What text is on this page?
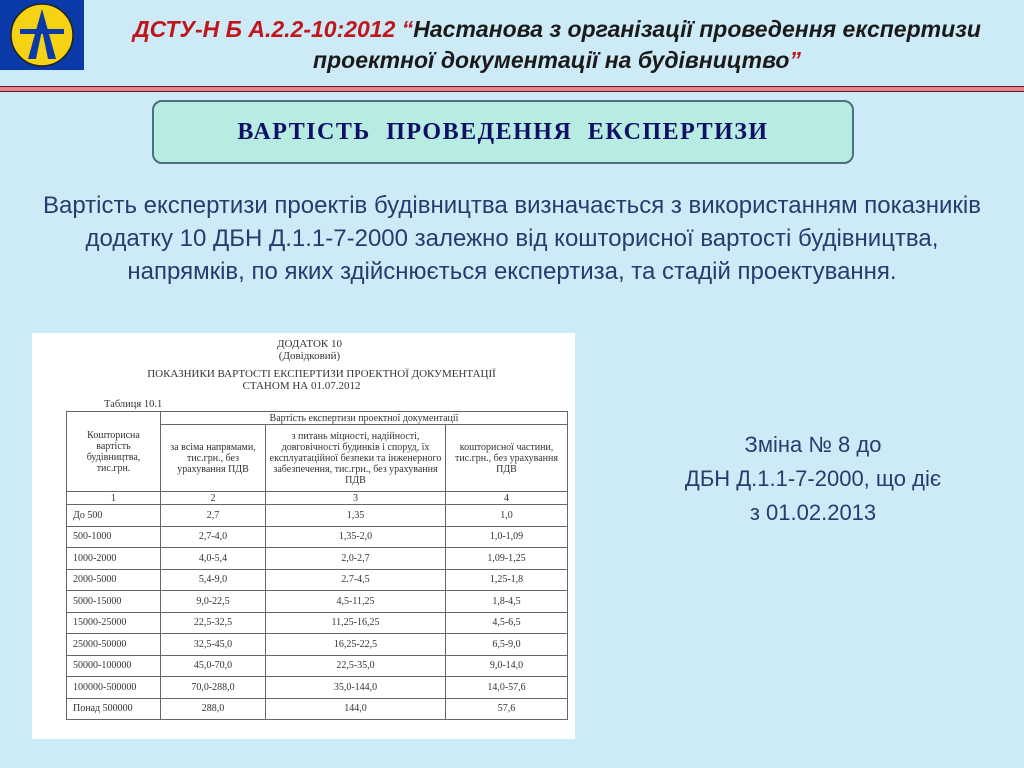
ДСТУ-Н Б А.2.2-10:2012 “Настанова з організації проведення експертизи проектної документації на будівництво”
ВАРТІСТЬ ПРОВЕДЕННЯ ЕКСПЕРТИЗИ
Вартість експертизи проектів будівництва визначається з використанням показників додатку 10 ДБН Д.1.1-7-2000 залежно від кошторисної вартості будівництва, напрямків, по яких здійснюється експертиза, та стадій проектування.
ДОДАТОК 10
(Довідковий)
ПОКАЗНИКИ ВАРТОСТІ ЕКСПЕРТИЗИ ПРОЕКТНОЇ ДОКУМЕНТАЦІЇ
СТАНОМ НА 01.07.2012
Таблиця 10.1
Кошторисна вартість будівництва, тис.грн.	Вартість експертизи проектної документації		
	за всіма напрямами, тис.грн., без урахування ПДВ	з питань міцності, надійності, довговічності будинків і споруд, їх експлуатаційної безпеки та інженерного забезпечення, тис.грн., без урахування ПДВ	кошторисної частини, тис.грн., без урахування ПДВ
1	2	3	4
До 500	2,7	1,35	1,0
500-1000	2,7-4,0	1,35-2,0	1,0-1,09
1000-2000	4,0-5,4	2,0-2,7	1,09-1,25
2000-5000	5,4-9,0	2.7-4,5	1,25-1,8
5000-15000	9,0-22,5	4,5-11,25	1,8-4,5
15000-25000	22,5-32,5	11,25-16,25	4,5-6,5
25000-50000	32,5-45,0	16,25-22,5	6,5-9,0
50000-100000	45,0-70,0	22,5-35,0	9,0-14,0
100000-500000	70,0-288,0	35,0-144,0	14,0-57,6
Понад 500000	288,0	144,0	57,6
Зміна № 8 до
ДБН Д.1.1-7-2000, що діє
з 01.02.2013
